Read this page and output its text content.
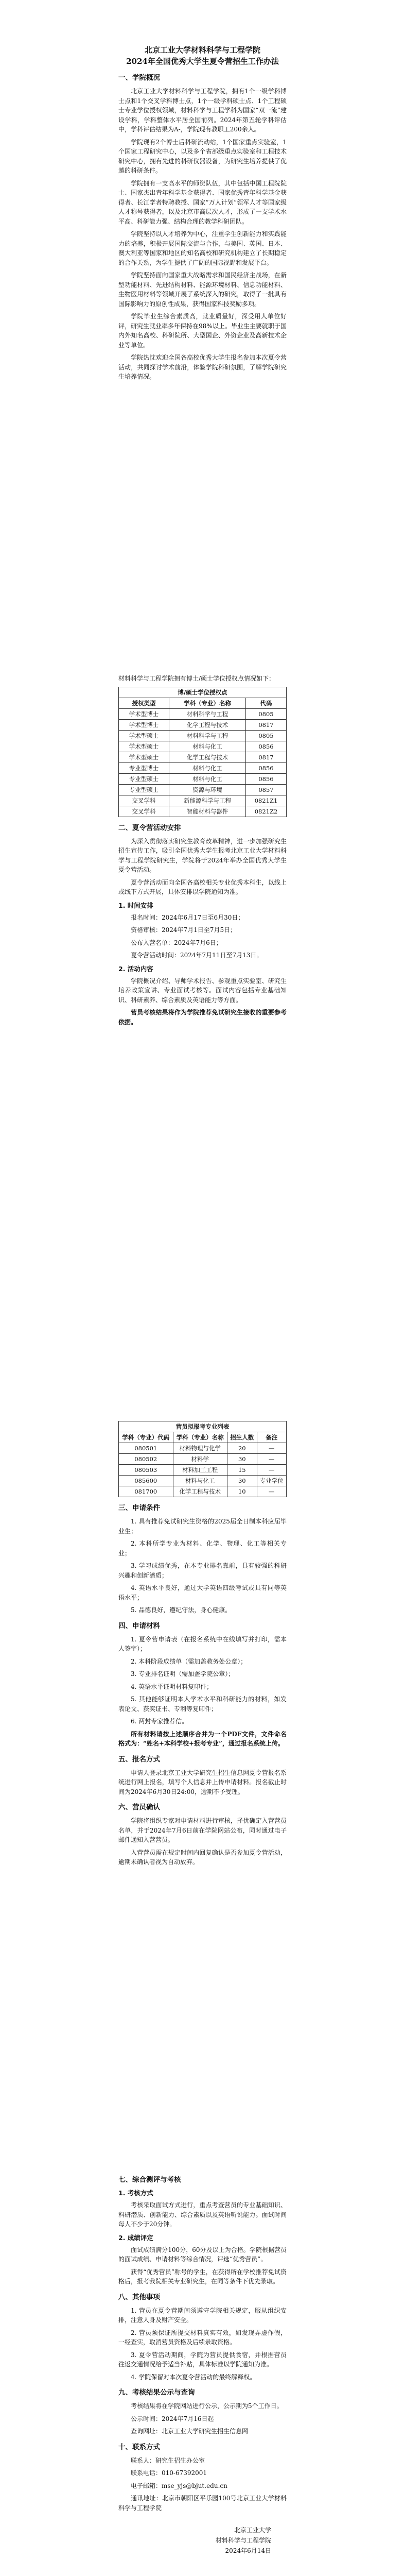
北京工业大学材料科学与工程学院
2024年全国优秀大学生夏令营招生工作办法
一、学院概况

北京工业大学材料科学与工程学院，拥有1个一级学科博士点和1个交叉学科博士点，1个一级学科硕士点、1个工程硕士专业学位授权领域，材料科学与工程学科为国家“双一流”建设学科，学科整体水平居全国前列。2024年第五轮学科评估中，学科评估结果为A-，学院现有教职工200余人。

学院现有2个博士后科研流动站，1个国家重点实验室，1个国家工程研究中心，以及多个省部级重点实验室和工程技术研究中心，拥有先进的科研仪器设备，为研究生培养提供了优越的科研条件。

学院拥有一支高水平的师资队伍，其中包括中国工程院院士、国家杰出青年科学基金获得者、国家优秀青年科学基金获得者、长江学者特聘教授、国家“万人计划”领军人才等国家级人才称号获得者，以及北京市高层次人才，形成了一支学术水平高、科研能力强、结构合理的教学科研团队。

学院坚持以人才培养为中心，注重学生创新能力和实践能力的培养，积极开展国际交流与合作，与美国、英国、日本、澳大利亚等国家和地区的知名高校和研究机构建立了长期稳定的合作关系，为学生提供了广阔的国际视野和发展平台。

学院坚持面向国家重大战略需求和国民经济主战场，在新型功能材料、先进结构材料、能源环境材料、信息功能材料、生物医用材料等领域开展了系统深入的研究，取得了一批具有国际影响力的原创性成果，获得国家科技奖励多项。

学院毕业生综合素质高，就业质量好，深受用人单位好评，研究生就业率多年保持在98%以上。毕业生主要就职于国内外知名高校、科研院所、大型国企、外资企业及高新技术企业等单位。

学院热忱欢迎全国各高校优秀大学生报名参加本次夏令营活动，共同探讨学术前沿，体验学院科研氛围，了解学院研究生培养情况。

材料科学与工程学院拥有博士/硕士学位授权点情况如下：

博/硕士学位授权点		
授权类型	学科（专业）名称	代码
学术型博士	材料科学与工程	0805
学术型博士	化学工程与技术	0817
学术型硕士	材料科学与工程	0805
学术型硕士	材料与化工	0856
学术型硕士	化学工程与技术	0817
专业型博士	材料与化工	0856
专业型硕士	材料与化工	0856
专业型硕士	资源与环境	0857
交叉学科	新能源科学与工程	0821Z1
交叉学科	智能材料与器件	0821Z2
二、夏令营活动安排

为深入贯彻落实研究生教育改革精神，进一步加强研究生招生宣传工作，吸引全国优秀大学生报考北京工业大学材料科学与工程学院研究生，学院将于2024年举办全国优秀大学生夏令营活动。

夏令营活动面向全国各高校相关专业优秀本科生，以线上或线下方式开展，具体安排以学院通知为准。

1. 时间安排

报名时间：2024年6月17日至6月30日；

资格审核：2024年7月1日至7月5日；

公布入营名单：2024年7月6日；

夏令营活动时间：2024年7月11日至7月13日。

2. 活动内容

学院概况介绍、导师学术报告、参观重点实验室、研究生培养政策宣讲、专业面试考核等。面试内容包括专业基础知识、科研素养、综合素质及英语能力等方面。

营员考核结果将作为学院推荐免试研究生接收的重要参考依据。

营员拟报考专业列表			
学科（专业）代码	学科（专业）名称	招生人数	备注
080501	材料物理与化学	20	—
080502	材料学	30	—
080503	材料加工工程	15	—
085600	材料与化工	30	专业学位
081700	化学工程与技术	10	—
三、申请条件

1. 具有推荐免试研究生资格的2025届全日制本科应届毕业生；

2. 本科所学专业为材料、化学、物理、化工等相关专业；

3. 学习成绩优秀，在本专业排名靠前，具有较强的科研兴趣和创新潜质；

4. 英语水平良好，通过大学英语四级考试或具有同等英语水平；

5. 品德良好，遵纪守法，身心健康。

四、申请材料

1. 夏令营申请表（在报名系统中在线填写并打印，需本人签字）；

2. 本科阶段成绩单（需加盖教务处公章）；

3. 专业排名证明（需加盖学院公章）；

4. 英语水平证明材料复印件；

5. 其他能够证明本人学术水平和科研能力的材料，如发表论文、获奖证书、专利等复印件；

6. 两封专家推荐信。

所有材料请按上述顺序合并为一个PDF文件，文件命名格式为：“姓名+本科学校+报考专业”，通过报名系统上传。

五、报名方式

申请人登录北京工业大学研究生招生信息网夏令营报名系统进行网上报名，填写个人信息并上传申请材料。报名截止时间为2024年6月30日24:00，逾期不予受理。

六、营员确认

学院将组织专家对申请材料进行审核，择优确定入营营员名单，并于2024年7月6日前在学院网站公布，同时通过电子邮件通知入营营员。

入营营员需在规定时间内回复确认是否参加夏令营活动，逾期未确认者视为自动放弃。

七、综合测评与考核
1. 考核方式

考核采取面试方式进行，重点考查营员的专业基础知识、科研潜质、创新能力、综合素质以及英语听说能力。面试时间每人不少于20分钟。

2. 成绩评定

面试成绩满分100分，60分及以上为合格。学院根据营员的面试成绩、申请材料等综合情况，评选“优秀营员”。

获得“优秀营员”称号的学生，在获得所在学校推荐免试资格后，报考我院相关专业研究生，在同等条件下优先录取。

八、其他事项

1. 营员在夏令营期间须遵守学院相关规定，服从组织安排，注意人身及财产安全。

2. 营员须保证所提交材料真实有效，如发现弄虚作假，一经查实，取消营员资格及后续录取资格。

3. 夏令营活动期间，学院为营员提供食宿，并根据营员往返交通情况给予适当补贴，具体标准以学院通知为准。

4. 学院保留对本次夏令营活动的最终解释权。

九、考核结果公示与查询

考核结果将在学院网站进行公示，公示期为5个工作日。

公示时间：2024年7月16日起

查询网址：北京工业大学研究生招生信息网

十、联系方式

联系人：研究生招生办公室

联系电话：010-67392001

电子邮箱：mse_yjs@bjut.edu.cn

通讯地址：北京市朝阳区平乐园100号北京工业大学材料科学与工程学院

北京工业大学

材料科学与工程学院

2024年6月14日
